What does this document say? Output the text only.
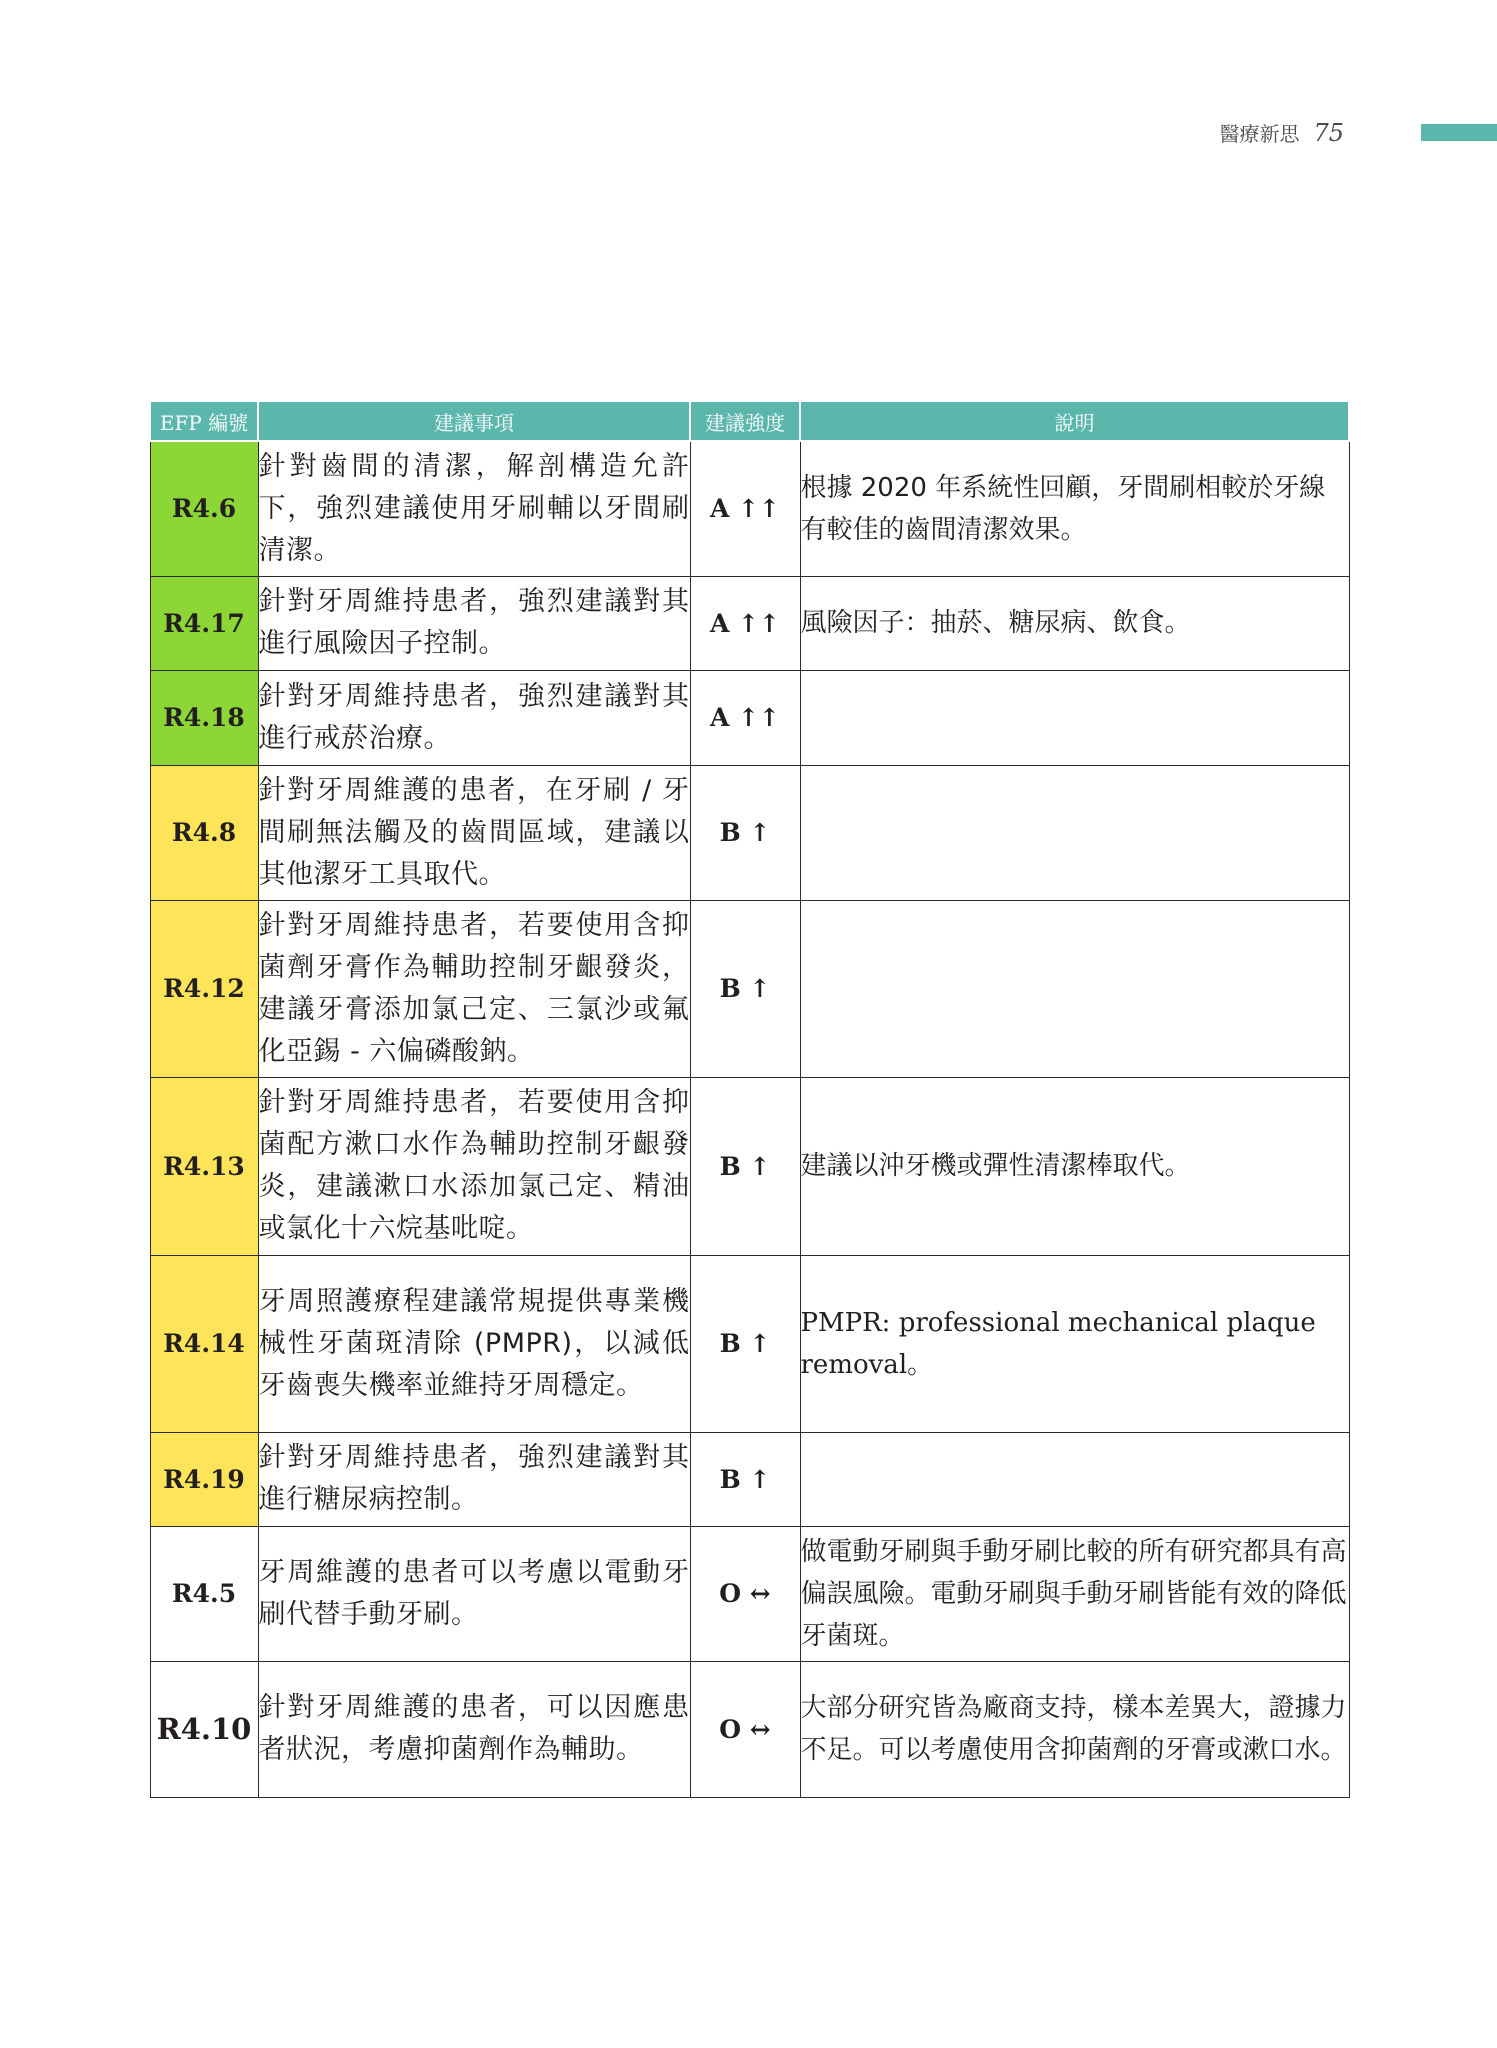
醫療新思 75
EFP 編號	建議事項	建議強度	說明
R4.6	針對齒間的清潔，解剖構造允許下，強烈建議使用牙刷輔以牙間刷清潔。	A ↑↑	根據 2020 年系統性回顧，牙間刷相較於牙線有較佳的齒間清潔效果。
R4.17	針對牙周維持患者，強烈建議對其進行風險因子控制。	A ↑↑	風險因子：抽菸、糖尿病、飲食。
R4.18	針對牙周維持患者，強烈建議對其進行戒菸治療。	A ↑↑	
R4.8	針對牙周維護的患者，在牙刷 / 牙間刷無法觸及的齒間區域，建議以其他潔牙工具取代。	B ↑	
R4.12	針對牙周維持患者，若要使用含抑菌劑牙膏作為輔助控制牙齦發炎，建議牙膏添加氯己定、三氯沙或氟化亞錫 - 六偏磷酸鈉。	B ↑	
R4.13	針對牙周維持患者，若要使用含抑菌配方漱口水作為輔助控制牙齦發炎，建議漱口水添加氯己定、精油或氯化十六烷基吡啶。	B ↑	建議以沖牙機或彈性清潔棒取代。
R4.14	牙周照護療程建議常規提供專業機械性牙菌斑清除 (PMPR)，以減低牙齒喪失機率並維持牙周穩定。	B ↑	PMPR: professional mechanical plaque removal。
R4.19	針對牙周維持患者，強烈建議對其進行糖尿病控制。	B ↑	
R4.5	牙周維護的患者可以考慮以電動牙刷代替手動牙刷。	O ↔	做電動牙刷與手動牙刷比較的所有研究都具有高偏誤風險。電動牙刷與手動牙刷皆能有效的降低牙菌斑。
R4.10	針對牙周維護的患者，可以因應患者狀況，考慮抑菌劑作為輔助。	O ↔	大部分研究皆為廠商支持，樣本差異大，證據力不足。可以考慮使用含抑菌劑的牙膏或漱口水。
